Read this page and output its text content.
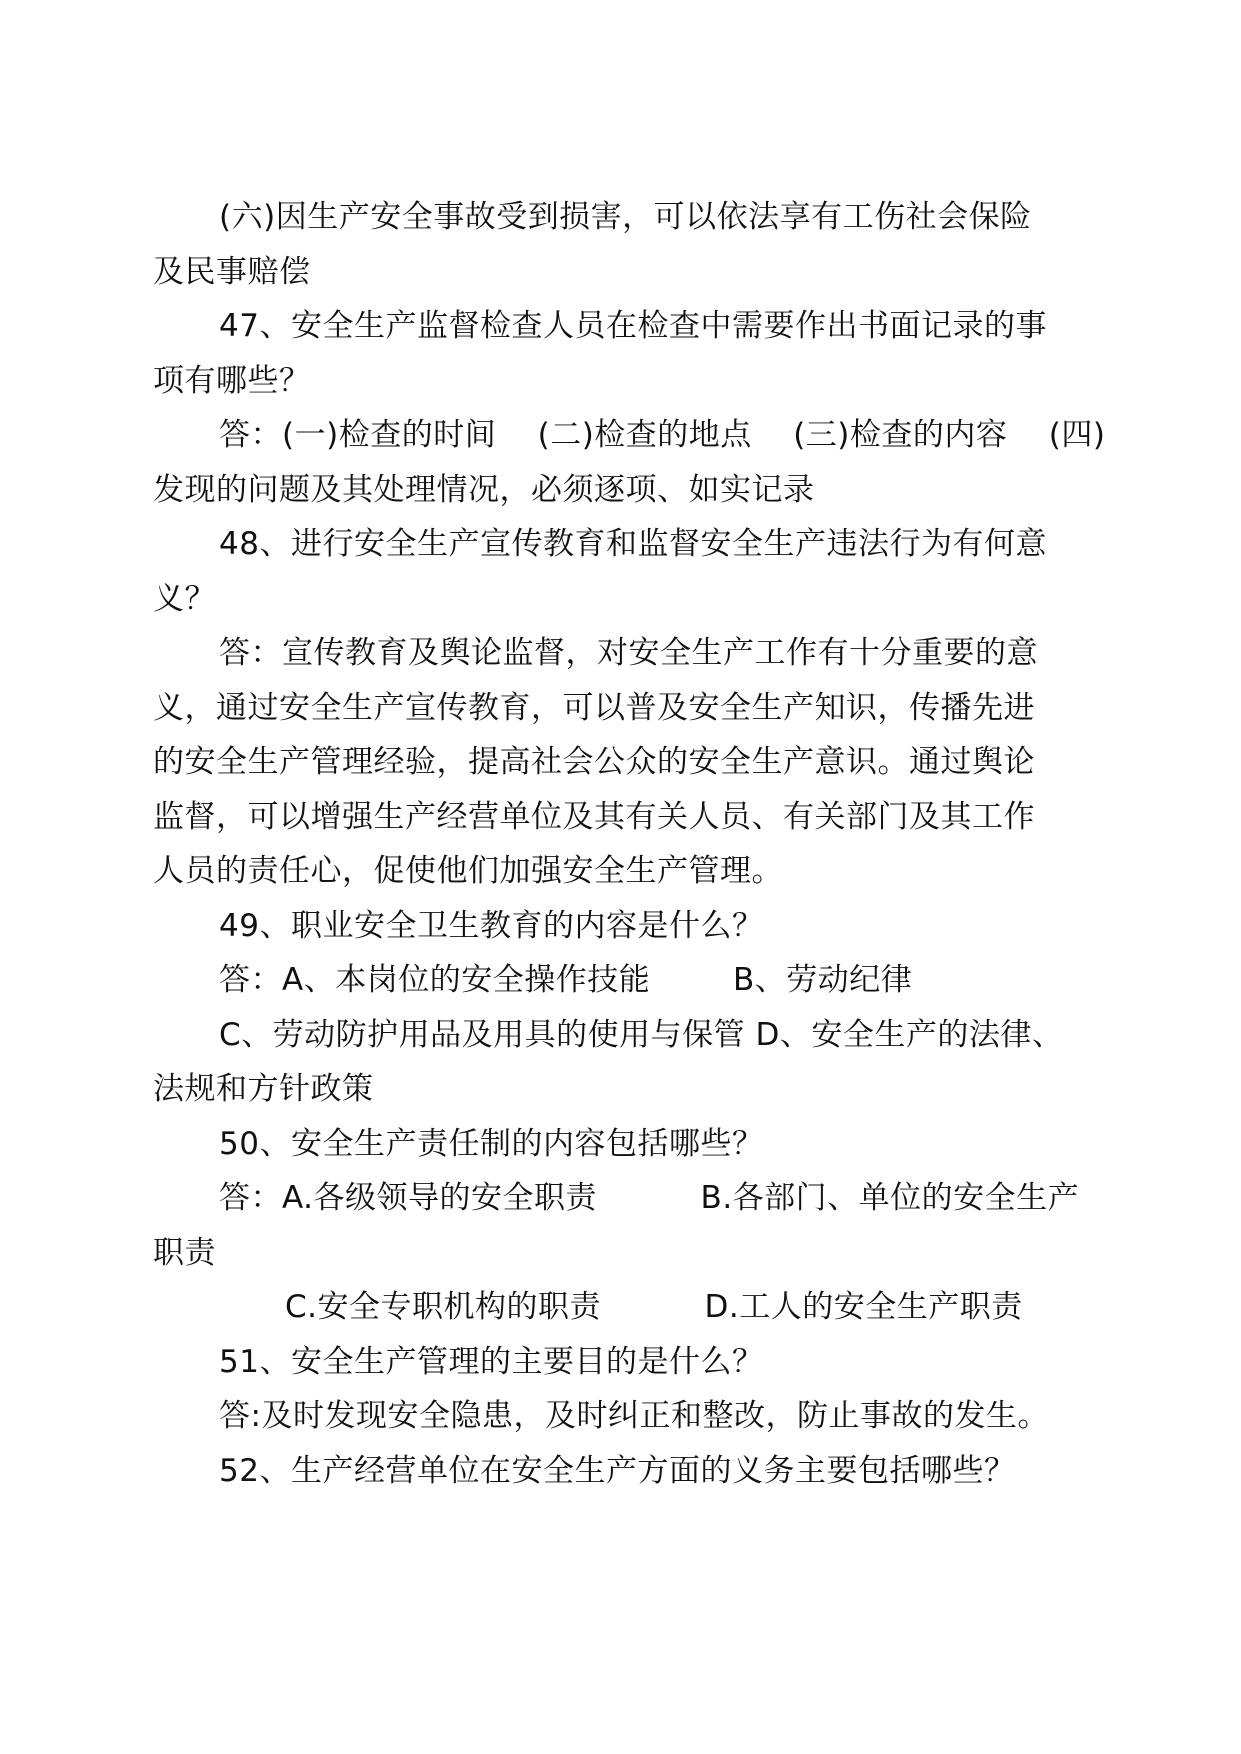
(六)因生产安全事故受到损害，可以依法享有工伤社会保险
及民事赔偿
47、安全生产监督检查人员在检查中需要作出书面记录的事
项有哪些？
答：(一)检查的时间    (二)检查的地点    (三)检查的内容    (四)
发现的问题及其处理情况，必须逐项、如实记录
48、进行安全生产宣传教育和监督安全生产违法行为有何意
义？
答：宣传教育及舆论监督，对安全生产工作有十分重要的意
义，通过安全生产宣传教育，可以普及安全生产知识，传播先进
的安全生产管理经验，提高社会公众的安全生产意识。通过舆论
监督，可以增强生产经营单位及其有关人员、有关部门及其工作
人员的责任心，促使他们加强安全生产管理。
49、职业安全卫生教育的内容是什么？
答：A、本岗位的安全操作技能        B、劳动纪律
C、劳动防护用品及用具的使用与保管 D、安全生产的法律、
法规和方针政策
50、安全生产责任制的内容包括哪些？
答：A.各级领导的安全职责          B.各部门、单位的安全生产
职责
C.安全专职机构的职责          D.工人的安全生产职责
51、安全生产管理的主要目的是什么？
答:及时发现安全隐患，及时纠正和整改，防止事故的发生。
52、生产经营单位在安全生产方面的义务主要包括哪些？
